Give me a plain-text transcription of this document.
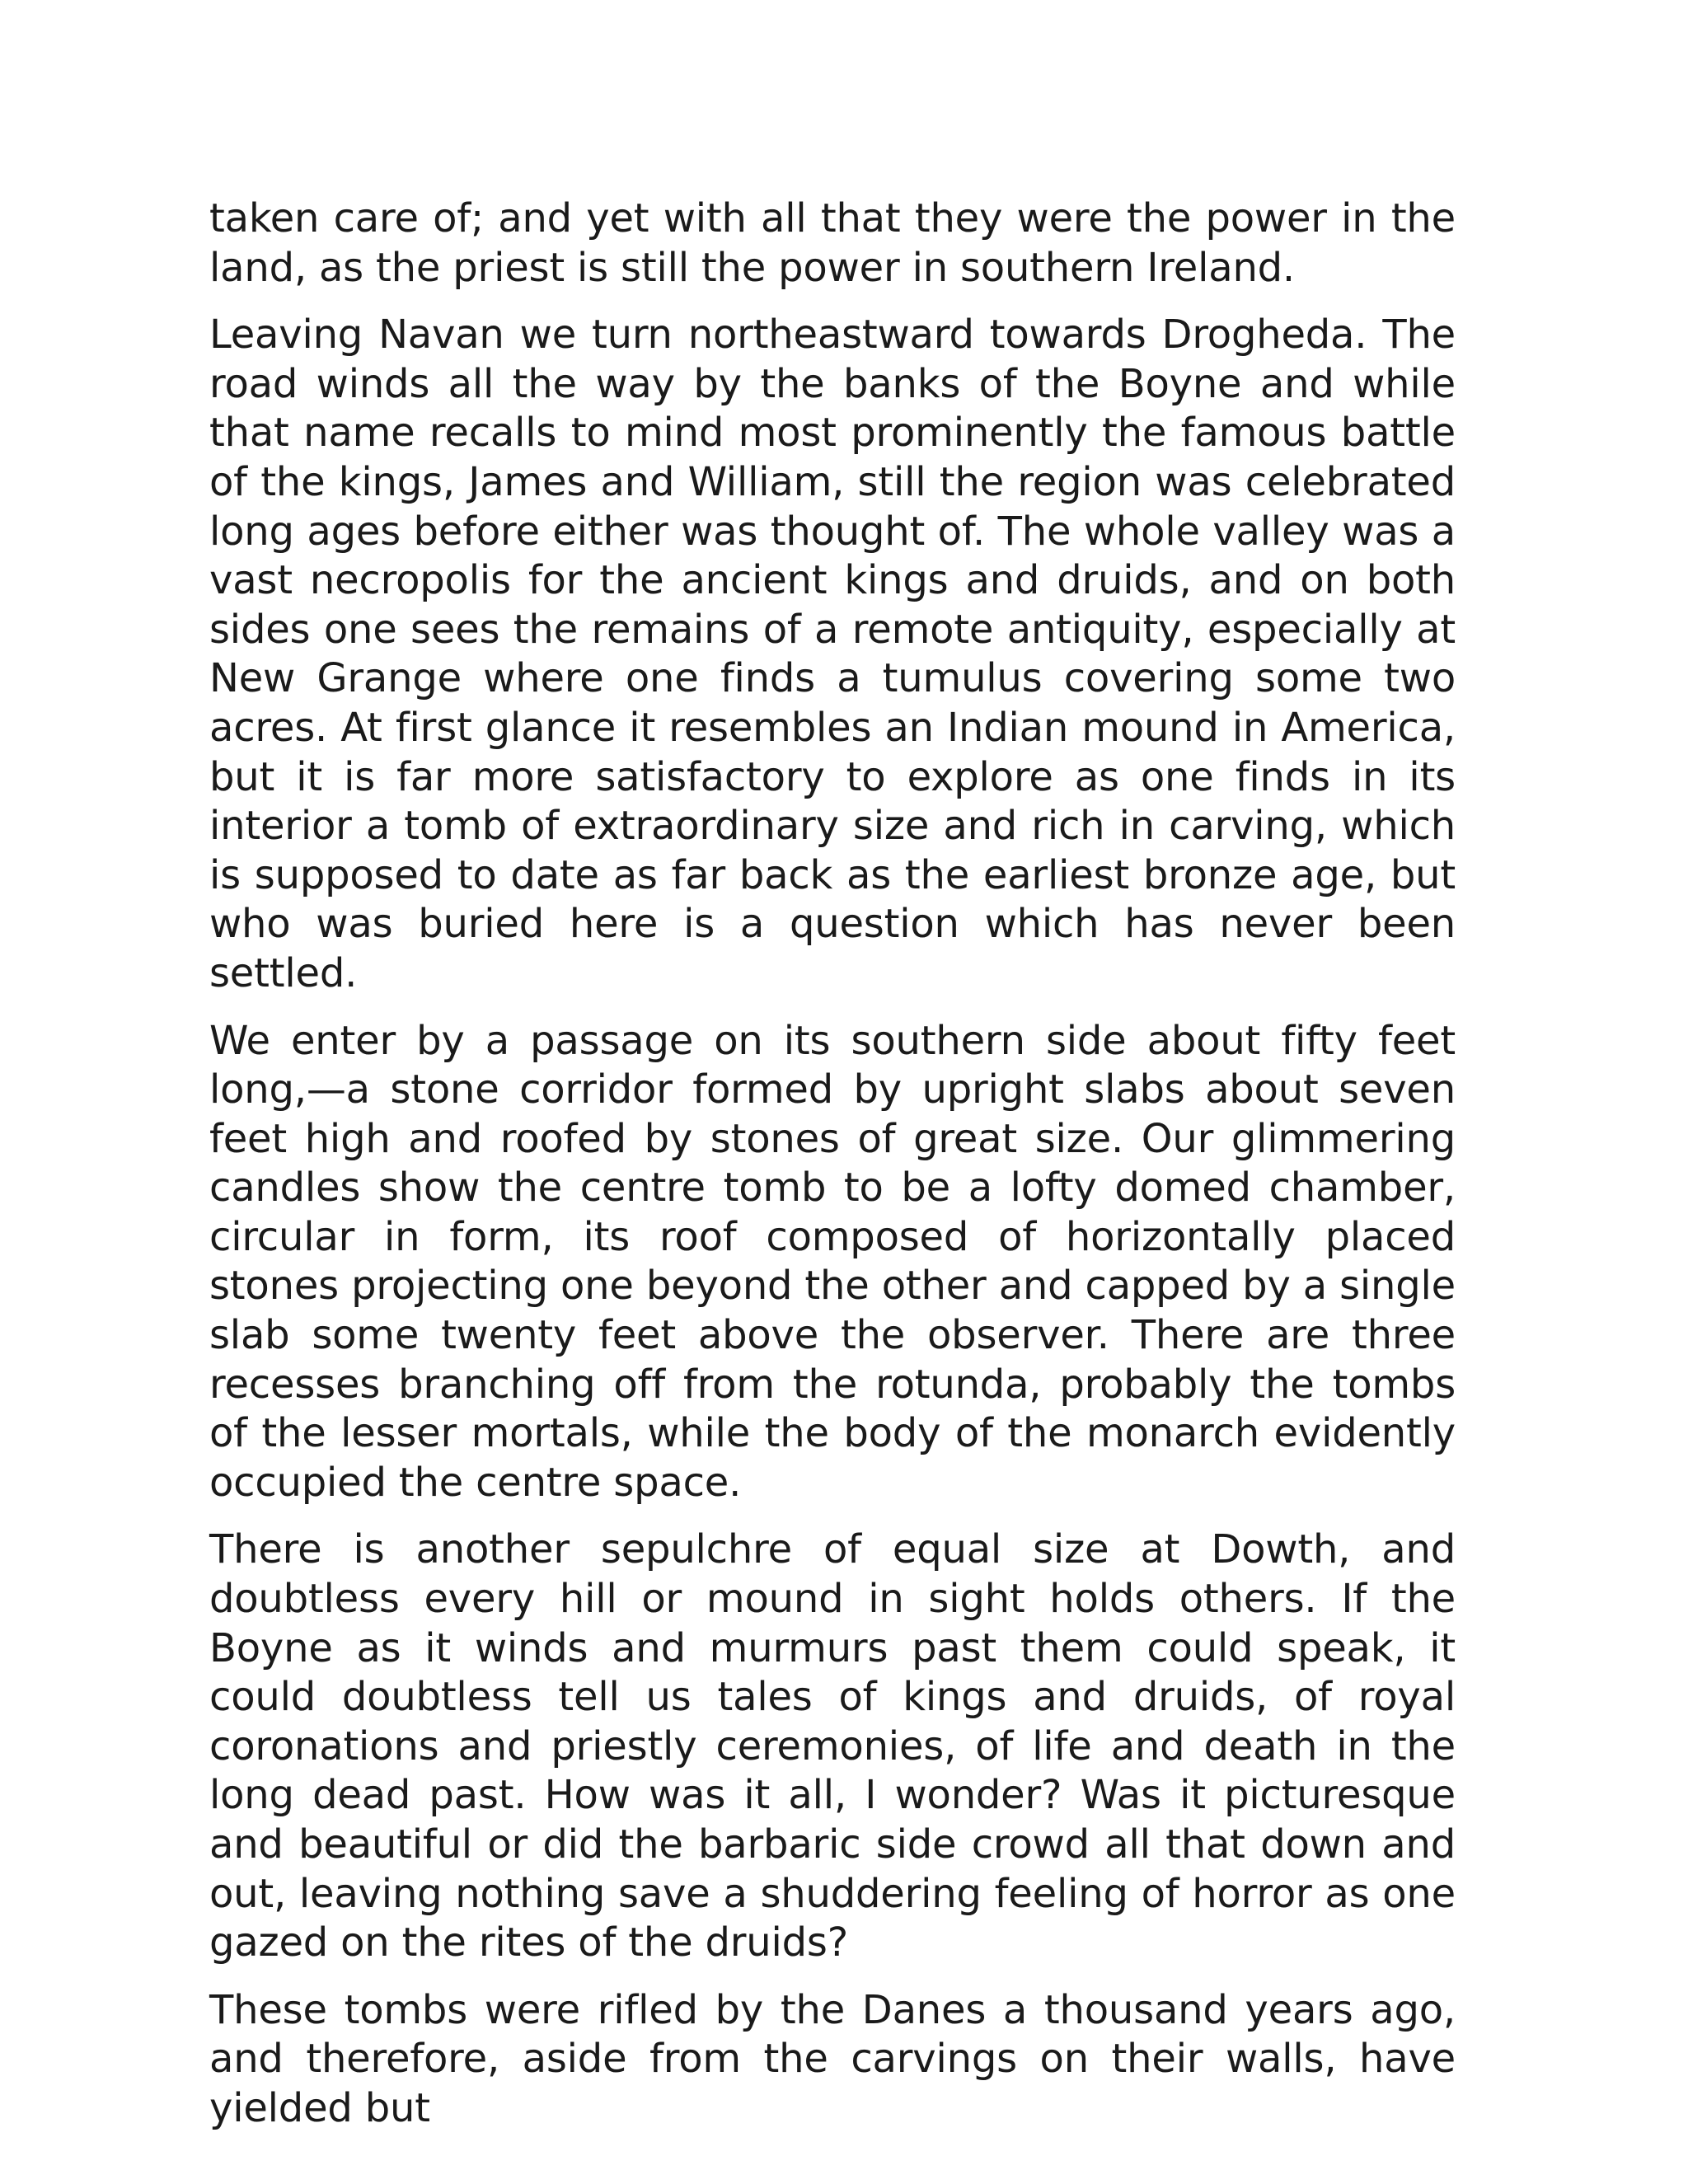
taken care of; and yet with all that they were the power in the land, as the priest is still the power in southern Ireland.

Leaving Navan we turn northeastward towards Drogheda. The road winds all the way by the banks of the Boyne and while that name recalls to mind most prominently the famous battle of the kings, James and William, still the region was celebrated long ages before either was thought of. The whole valley was a vast necropolis for the ancient kings and druids, and on both sides one sees the remains of a remote antiquity, especially at New Grange where one finds a tumulus covering some two acres. At first glance it resembles an Indian mound in America, but it is far more satisfactory to explore as one finds in its interior a tomb of extraordinary size and rich in carving, which is supposed to date as far back as the earliest bronze age, but who was buried here is a question which has never been settled.

We enter by a passage on its southern side about fifty feet long,—a stone corridor formed by upright slabs about seven feet high and roofed by stones of great size. Our glimmering candles show the centre tomb to be a lofty domed chamber, circular in form, its roof composed of horizontally placed stones projecting one beyond the other and capped by a single slab some twenty feet above the observer. There are three recesses branching off from the rotunda, probably the tombs of the lesser mortals, while the body of the monarch evidently occupied the centre space.

There is another sepulchre of equal size at Dowth, and doubtless every hill or mound in sight holds others. If the Boyne as it winds and murmurs past them could speak, it could doubtless tell us tales of kings and druids, of royal coronations and priestly ceremonies, of life and death in the long dead past. How was it all, I wonder? Was it picturesque and beautiful or did the barbaric side crowd all that down and out, leaving nothing save a shuddering feeling of horror as one gazed on the rites of the druids?

These tombs were rifled by the Danes a thousand years ago, and therefore, aside from the carvings on their walls, have yielded but
